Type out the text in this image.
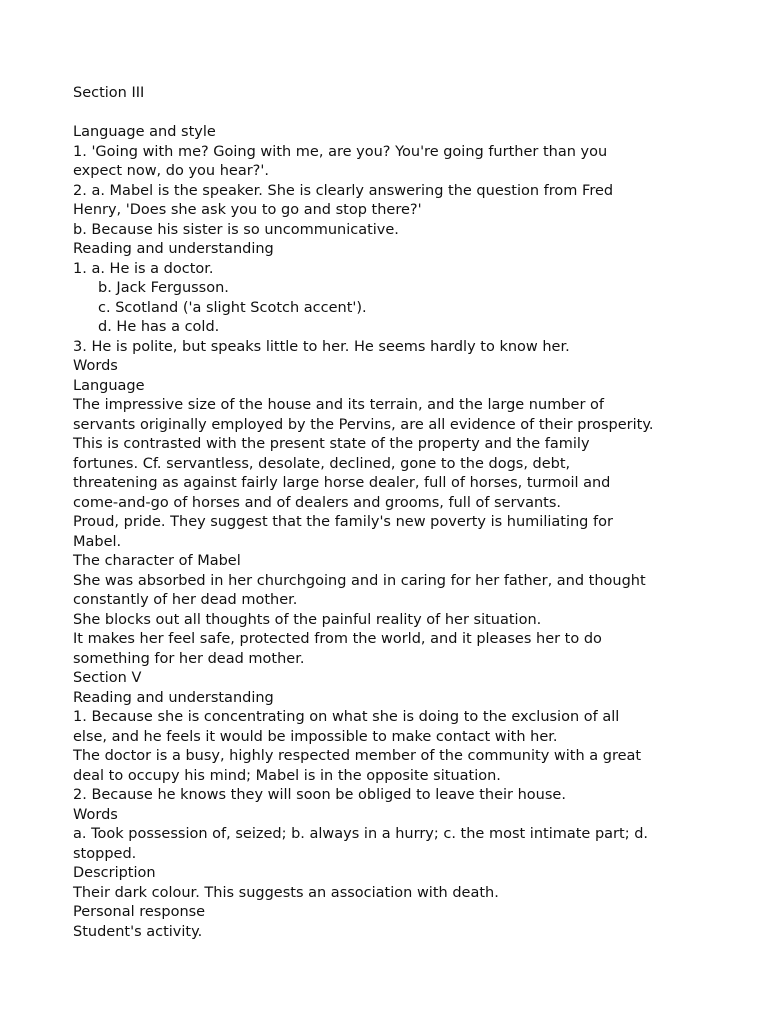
Section III
Language and style
1. 'Going with me? Going with me, are you? You're going further than you
expect now, do you hear?'.
2. a. Mabel is the speaker. She is clearly answering the question from Fred
Henry, 'Does she ask you to go and stop there?'
b. Because his sister is so uncommunicative.
Reading and understanding
1. a. He is a doctor.
b. Jack Fergusson.
c. Scotland ('a slight Scotch accent').
d. He has a cold.
3. He is polite, but speaks little to her. He seems hardly to know her.
Words
Language
The impressive size of the house and its terrain, and the large number of
servants originally employed by the Pervins, are all evidence of their prosperity.
This is contrasted with the present state of the property and the family
fortunes. Cf. servantless, desolate, declined, gone to the dogs, debt,
threatening as against fairly large horse dealer, full of horses, turmoil and
come-and-go of horses and of dealers and grooms, full of servants.
Proud, pride. They suggest that the family's new poverty is humiliating for
Mabel.
The character of Mabel
She was absorbed in her churchgoing and in caring for her father, and thought
constantly of her dead mother.
She blocks out all thoughts of the painful reality of her situation.
It makes her feel safe, protected from the world, and it pleases her to do
something for her dead mother.
Section V
Reading and understanding
1. Because she is concentrating on what she is doing to the exclusion of all
else, and he feels it would be impossible to make contact with her.
The doctor is a busy, highly respected member of the community with a great
deal to occupy his mind; Mabel is in the opposite situation.
2. Because he knows they will soon be obliged to leave their house.
Words
a. Took possession of, seized; b. always in a hurry; c. the most intimate part; d.
stopped.
Description
Their dark colour. This suggests an association with death.
Personal response
Student's activity.
